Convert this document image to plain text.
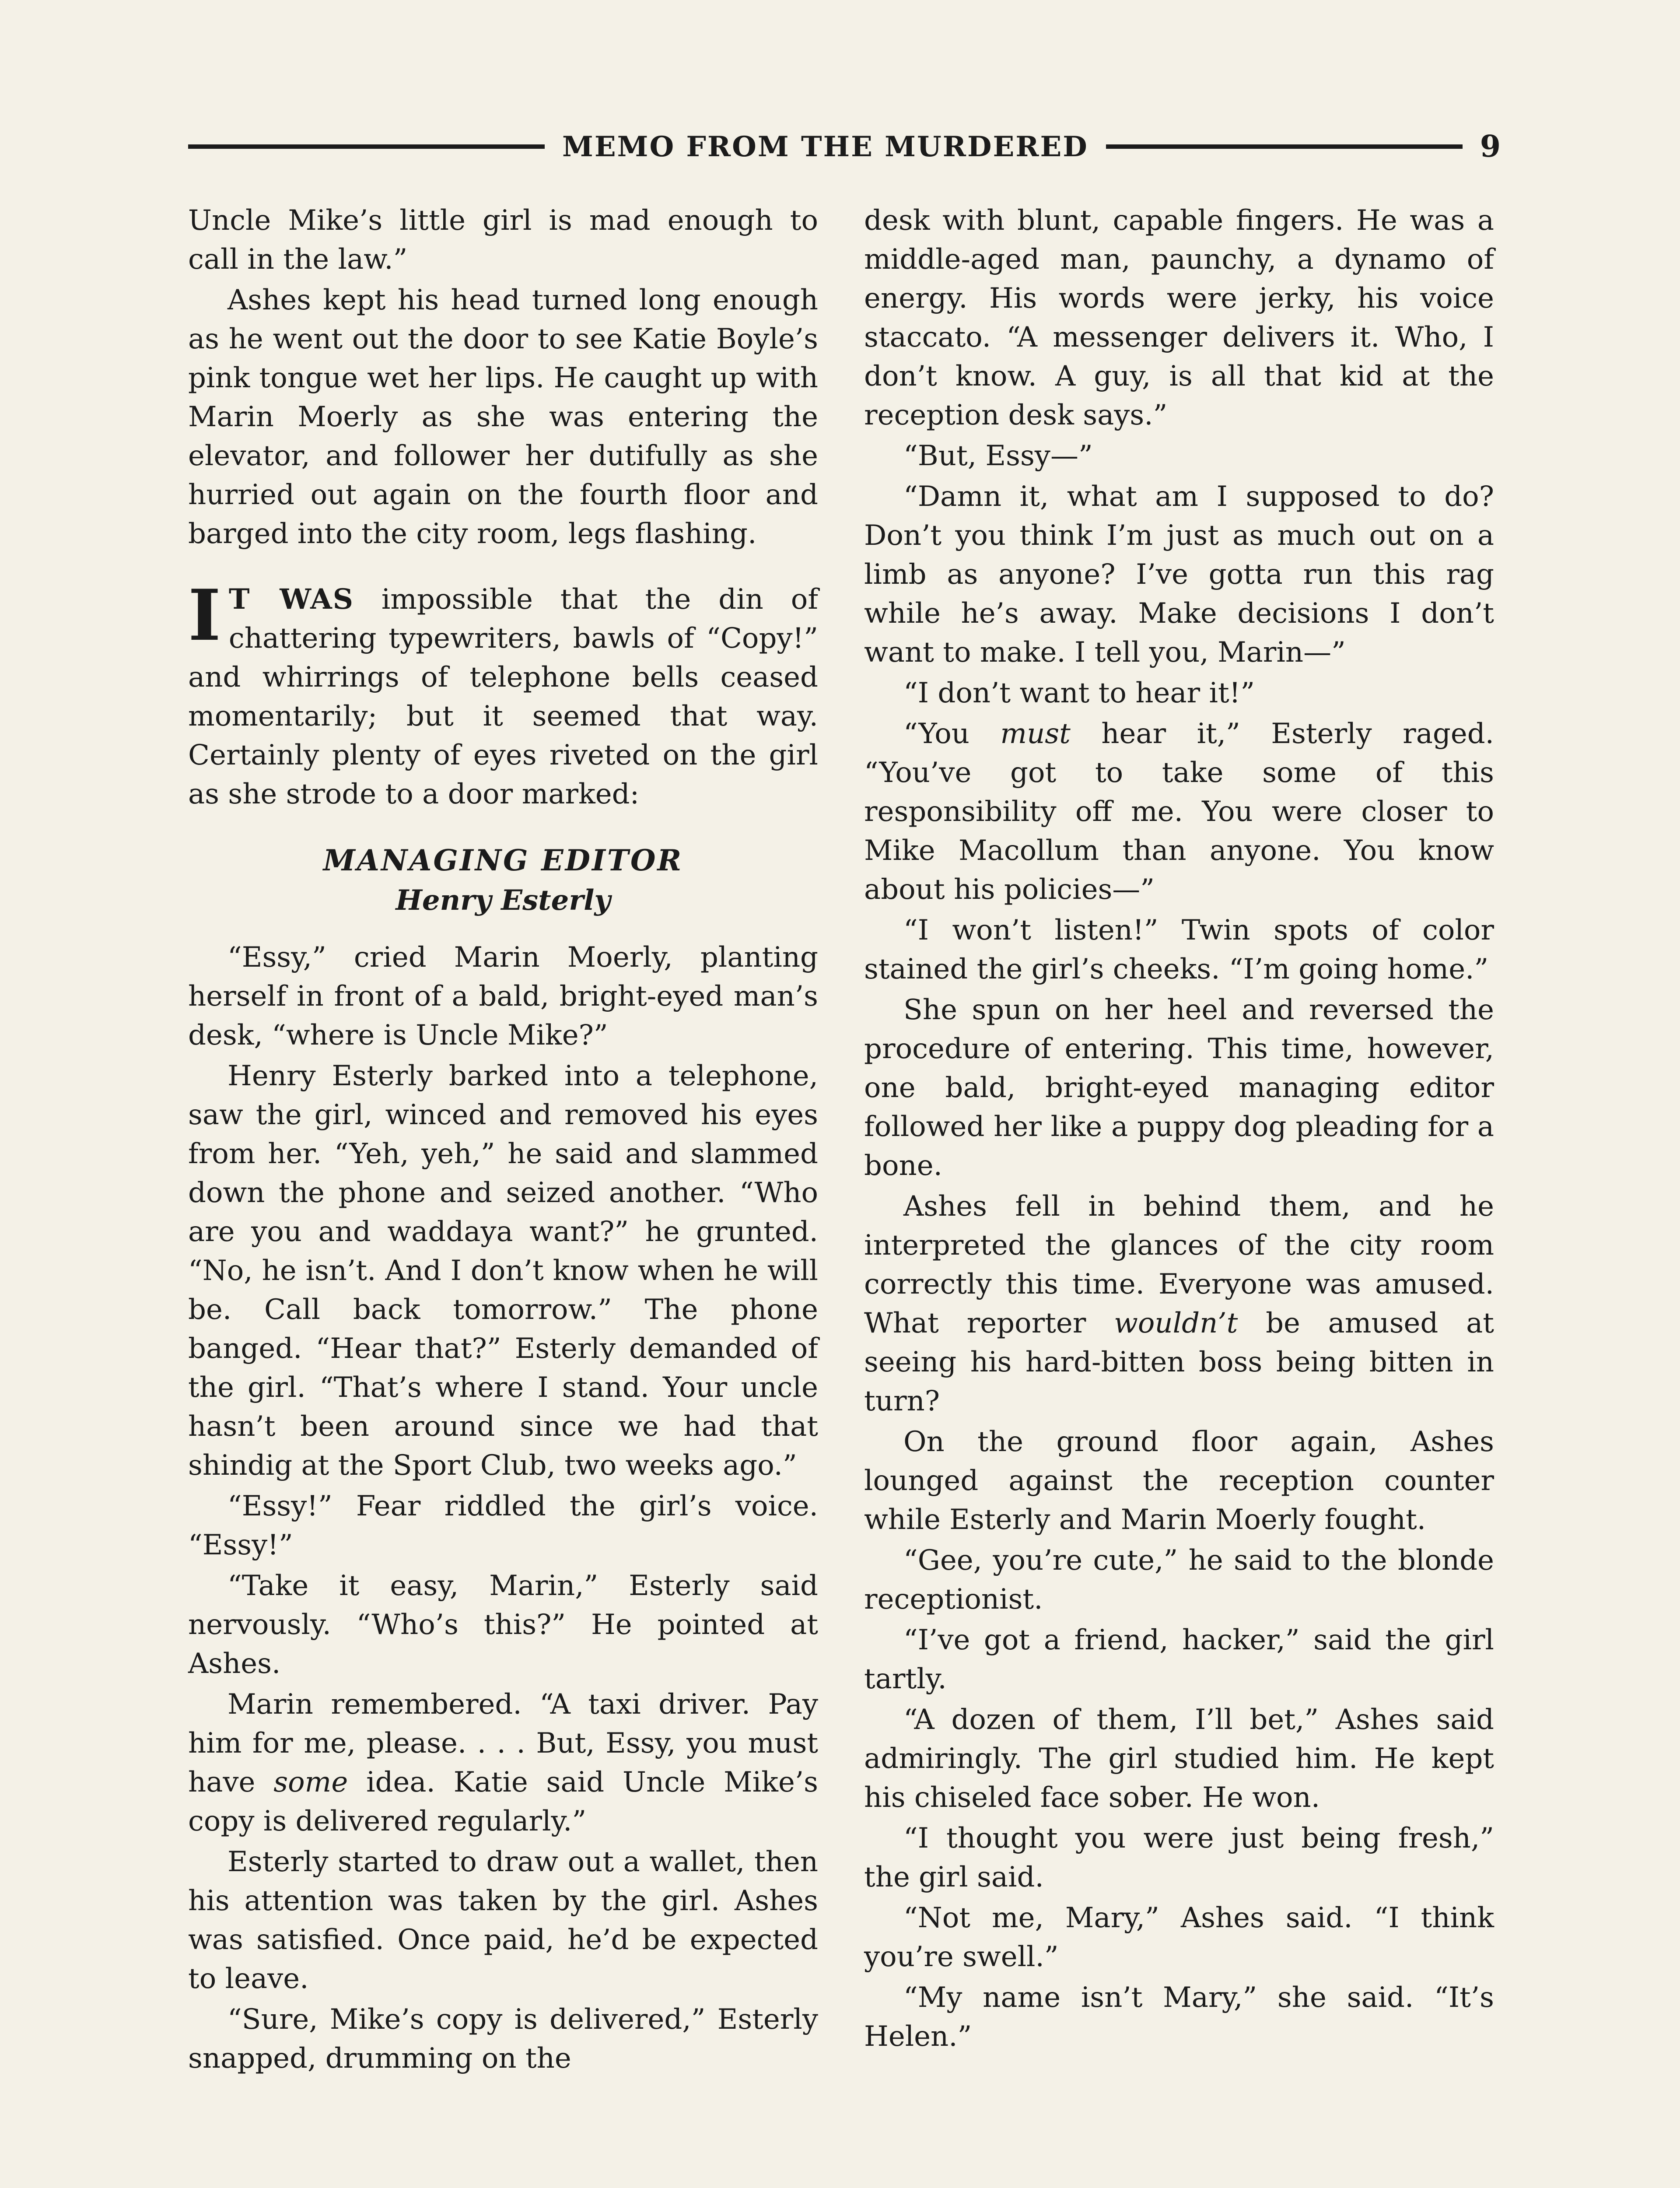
MEMO FROM THE MURDERED	9

Uncle Mike’s little girl is mad enough to call in the law.”

Ashes kept his head turned long enough as he went out the door to see Katie Boyle’s pink tongue wet her lips. He caught up with Marin Moerly as she was entering the elevator, and follower her dutifully as she hurried out again on the fourth floor and barged into the city room, legs flashing.

I T WAS impossible that the din of chattering typewriters, bawls of “Copy!” and whirrings of telephone bells ceased momentarily; but it seemed that way. Certainly plenty of eyes riveted on the girl as she strode to a door marked:

MANAGING EDITOR
Henry Esterly

“Essy,” cried Marin Moerly, planting herself in front of a bald, bright-eyed man’s desk, “where is Uncle Mike?”

Henry Esterly barked into a telephone, saw the girl, winced and removed his eyes from her. “Yeh, yeh,” he said and slammed down the phone and seized another. “Who are you and waddaya want?” he grunted. “No, he isn’t. And I don’t know when he will be. Call back tomorrow.” The phone banged. “Hear that?” Esterly demanded of the girl. “That’s where I stand. Your uncle hasn’t been around since we had that shindig at the Sport Club, two weeks ago.”

“Essy!” Fear riddled the girl’s voice. “Essy!”

“Take it easy, Marin,” Esterly said nervously. “Who’s this?” He pointed at Ashes.

Marin remembered. “A taxi driver. Pay him for me, please. . . . But, Essy, you must have some idea. Katie said Uncle Mike’s copy is delivered regularly.”

Esterly started to draw out a wallet, then his attention was taken by the girl. Ashes was satisfied. Once paid, he’d be expected to leave.

“Sure, Mike’s copy is delivered,” Esterly snapped, drumming on the

desk with blunt, capable fingers. He was a middle-aged man, paunchy, a dynamo of energy. His words were jerky, his voice staccato. “A messenger delivers it. Who, I don’t know. A guy, is all that kid at the reception desk says.”

“But, Essy—”

“Damn it, what am I supposed to do? Don’t you think I’m just as much out on a limb as anyone? I’ve gotta run this rag while he’s away. Make decisions I don’t want to make. I tell you, Marin—”

“I don’t want to hear it!”

“You must hear it,” Esterly raged. “You’ve got to take some of this responsibility off me. You were closer to Mike Macollum than anyone. You know about his policies—”

“I won’t listen!” Twin spots of color stained the girl’s cheeks. “I’m going home.”

She spun on her heel and reversed the procedure of entering. This time, however, one bald, bright-eyed managing editor followed her like a puppy dog pleading for a bone.

Ashes fell in behind them, and he interpreted the glances of the city room correctly this time. Everyone was amused. What reporter wouldn’t be amused at seeing his hard-bitten boss being bitten in turn?

On the ground floor again, Ashes lounged against the reception counter while Esterly and Marin Moerly fought.

“Gee, you’re cute,” he said to the blonde receptionist.

“I’ve got a friend, hacker,” said the girl tartly.

“A dozen of them, I’ll bet,” Ashes said admiringly. The girl studied him. He kept his chiseled face sober. He won.

“I thought you were just being fresh,” the girl said.

“Not me, Mary,” Ashes said. “I think you’re swell.”

“My name isn’t Mary,” she said. “It’s Helen.”
